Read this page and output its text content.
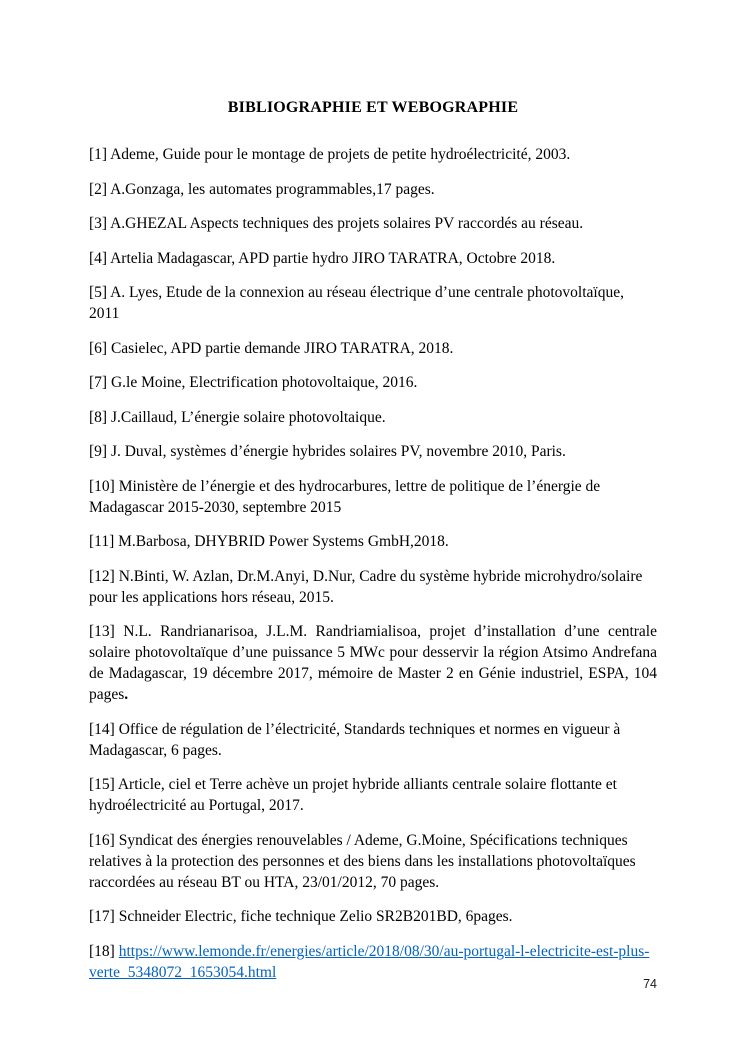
BIBLIOGRAPHIE ET WEBOGRAPHIE

[1] Ademe, Guide pour le montage de projets de petite hydroélectricité, 2003.

[2] A.Gonzaga, les automates programmables,17 pages.

[3] A.GHEZAL Aspects techniques des projets solaires PV raccordés au réseau.

[4] Artelia Madagascar, APD partie hydro JIRO TARATRA, Octobre 2018.

[5] A. Lyes, Etude de la connexion au réseau électrique d’une centrale photovoltaïque, 2011

[6] Casielec, APD partie demande JIRO TARATRA, 2018.

[7] G.le Moine, Electrification photovoltaique, 2016.

[8] J.Caillaud, L’énergie solaire photovoltaique.

[9] J. Duval, systèmes d’énergie hybrides solaires PV, novembre 2010, Paris.

[10] Ministère de l’énergie et des hydrocarbures, lettre de politique de l’énergie de Madagascar 2015-2030, septembre 2015

[11] M.Barbosa, DHYBRID Power Systems GmbH,2018.

[12] N.Binti, W. Azlan, Dr.M.Anyi, D.Nur, Cadre du système hybride microhydro/solaire pour les applications hors réseau, 2015.

[13] N.L. Randrianarisoa, J.L.M. Randriamialisoa, projet d’installation d’une centrale solaire photovoltaïque d’une puissance 5 MWc pour desservir la région Atsimo Andrefana de Madagascar, 19 décembre 2017, mémoire de Master 2 en Génie industriel, ESPA, 104 pages.

[14] Office de régulation de l’électricité, Standards techniques et normes en vigueur à Madagascar, 6 pages.

[15] Article, ciel et Terre achève un projet hybride alliants centrale solaire flottante et hydroélectricité au Portugal, 2017.

[16] Syndicat des énergies renouvelables / Ademe, G.Moine, Spécifications techniques relatives à la protection des personnes et des biens dans les installations photovoltaïques raccordées au réseau BT ou HTA, 23/01/2012, 70 pages.

[17] Schneider Electric, fiche technique Zelio SR2B201BD, 6pages.

[18] https://www.lemonde.fr/energies/article/2018/08/30/au-portugal-l-electricite-est-plus-verte_5348072_1653054.html

74
